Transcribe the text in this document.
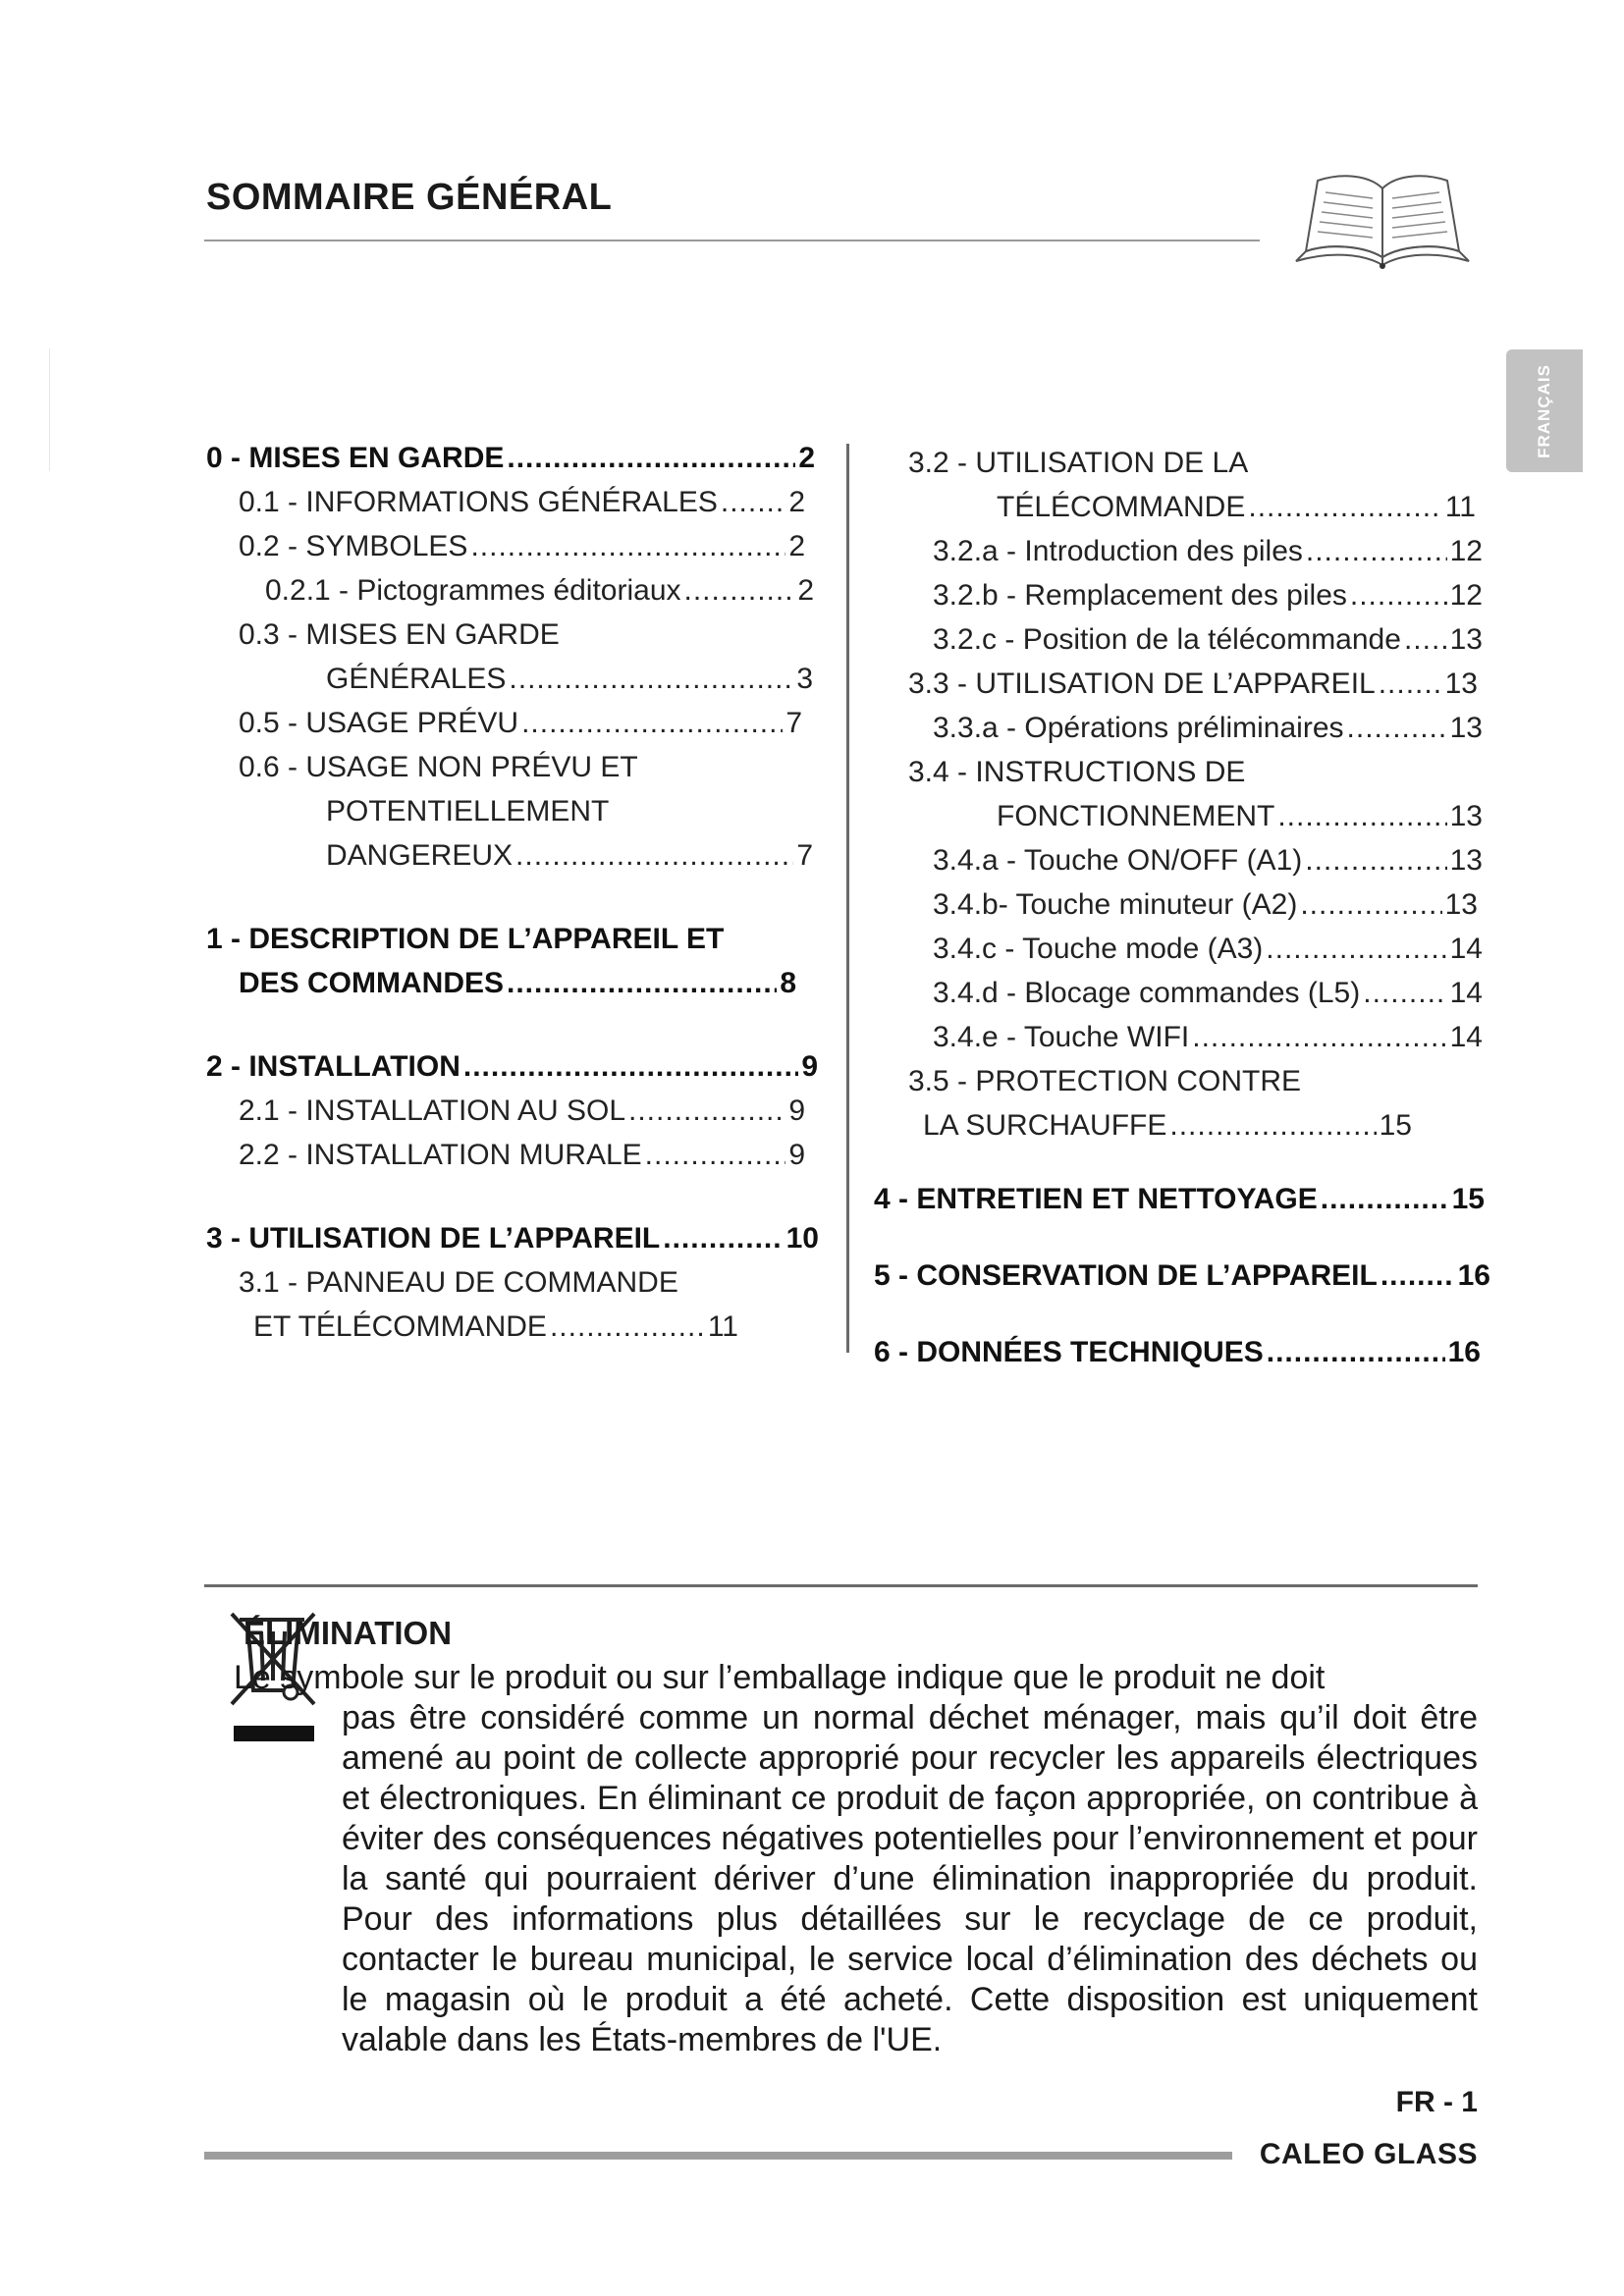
SOMMAIRE GÉNÉRAL
FRANÇAIS
0 - MISES EN GARDE .....	2
0.1 - INFORMATIONS GÉNÉRALES ..... 2
0.2 - SYMBOLES .....	2
0.2.1 - Pictogrammes éditoriaux .....	2
0.3 - MISES EN GARDE
GÉNÉRALES .....	3
0.5 - USAGE PRÉVU .....	7
0.6 - USAGE NON PRÉVU ET
POTENTIELLEMENT
DANGEREUX .....	7
1 - DESCRIPTION DE L’APPAREIL ET
DES COMMANDES .....	8
2 - INSTALLATION .....	9
2.1 - INSTALLATION AU SOL .....	9
2.2 - INSTALLATION MURALE .....	9
3 - UTILISATION DE L’APPAREIL .....	10
3.1 - PANNEAU DE COMMANDE
ET TÉLÉCOMMANDE .....	11
3.2 - UTILISATION DE LA
TÉLÉCOMMANDE .....	11
3.2.a - Introduction des piles .....	12
3.2.b - Remplacement des piles .....	12
3.2.c - Position de la télécommande ..... 13
3.3 - UTILISATION DE L’APPAREIL ..... 13
3.3.a - Opérations préliminaires .....	13
3.4 - INSTRUCTIONS DE
FONCTIONNEMENT .....	13
3.4.a - Touche ON/OFF (A1) .....	13
3.4.b- Touche minuteur (A2) .....	13
3.4.c - Touche mode (A3) .....	14
3.4.d - Blocage commandes (L5) .....	14
3.4.e - Touche WIFI .....	14
3.5 - PROTECTION CONTRE
LA SURCHAUFFE .....	15
4 - ENTRETIEN ET NETTOYAGE .....	15
5 - CONSERVATION DE L’APPAREIL .....	16
6 - DONNÉES TECHNIQUES .....	16
ÉLIMINATION
Le symbole sur le produit ou sur l’emballage indique que le produit ne doit
pas être considéré comme un normal déchet ménager, mais qu’il doit être amené au point de collecte approprié pour recycler les appareils électriques et électroniques. En éliminant ce produit de façon appropriée, on contribue à éviter des conséquences négatives potentielles pour l’environnement et pour la santé qui pourraient dériver d’une élimination inappropriée du produit. Pour des informations plus détaillées sur le recyclage de ce produit, contacter le bureau municipal, le service local d’élimination des déchets ou le magasin où le produit a été acheté. Cette disposition est uniquement valable dans les États-membres de l'UE.
FR - 1
CALEO GLASS
